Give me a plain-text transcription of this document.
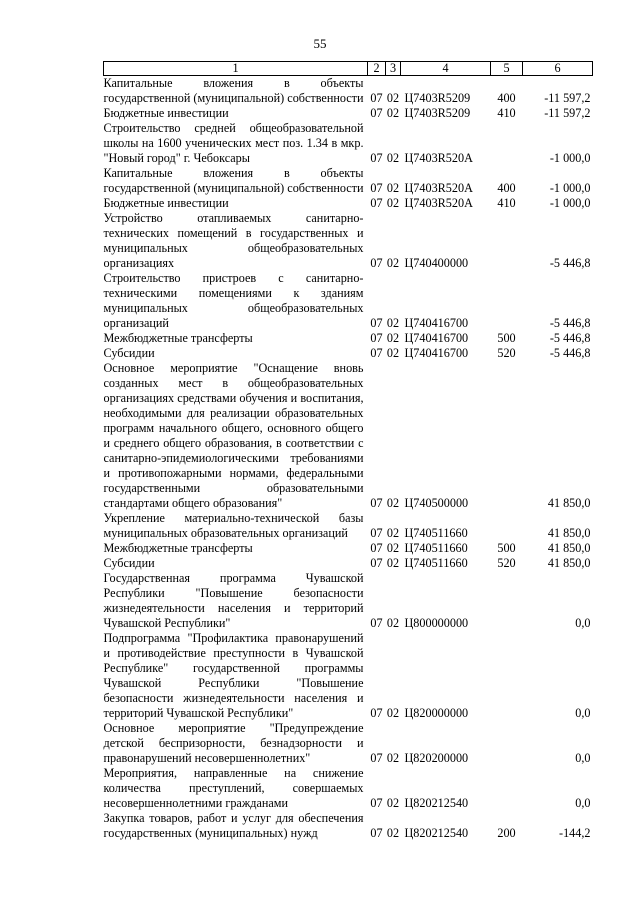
55
1	2	3	4	5	6
Капитальные вложения в объекты государственной (муниципальной) собственности	07	02	Ц7403R5209	400	-11 597,2
Бюджетные инвестиции	07	02	Ц7403R5209	410	-11 597,2
Строительство средней общеобразовательной школы на 1600 ученических мест поз. 1.34 в мкр. "Новый город" г. Чебоксары	07	02	Ц7403R520А		-1 000,0
Капитальные вложения в объекты государственной (муниципальной) собственности	07	02	Ц7403R520А	400	-1 000,0
Бюджетные инвестиции	07	02	Ц7403R520А	410	-1 000,0
Устройство отапливаемых санитарно-технических помещений в государственных и муниципальных общеобразовательных организациях	07	02	Ц740400000		-5 446,8
Строительство пристроев с санитарно-техническими помещениями к зданиям муниципальных общеобразовательных организаций	07	02	Ц740416700		-5 446,8
Межбюджетные трансферты	07	02	Ц740416700	500	-5 446,8
Субсидии	07	02	Ц740416700	520	-5 446,8
Основное мероприятие "Оснащение вновь созданных мест в общеобразовательных организациях средствами обучения и воспитания, необходимыми для реализации образовательных программ начального общего, основного общего и среднего общего образования, в соответствии с санитарно-эпидемиологическими требованиями и противопожарными нормами, федеральными государственными образовательными стандартами общего образования"	07	02	Ц740500000		41 850,0
Укрепление материально-технической базы муниципальных образовательных организаций	07	02	Ц740511660		41 850,0
Межбюджетные трансферты	07	02	Ц740511660	500	41 850,0
Субсидии	07	02	Ц740511660	520	41 850,0
Государственная программа Чувашской Республики "Повышение безопасности жизнедеятельности населения и территорий Чувашской Республики"	07	02	Ц800000000		0,0
Подпрограмма "Профилактика правонарушений и противодействие преступности в Чувашской Республике" государственной программы Чувашской Республики "Повышение безопасности жизнедеятельности населения и территорий Чувашской Республики"	07	02	Ц820000000		0,0
Основное мероприятие "Предупреждение детской беспризорности, безнадзорности и правонарушений несовершеннолетних"	07	02	Ц820200000		0,0
Мероприятия, направленные на снижение количества преступлений, совершаемых несовершеннолетними гражданами	07	02	Ц820212540		0,0
Закупка товаров, работ и услуг для обеспечения государственных (муниципальных) нужд	07	02	Ц820212540	200	-144,2
